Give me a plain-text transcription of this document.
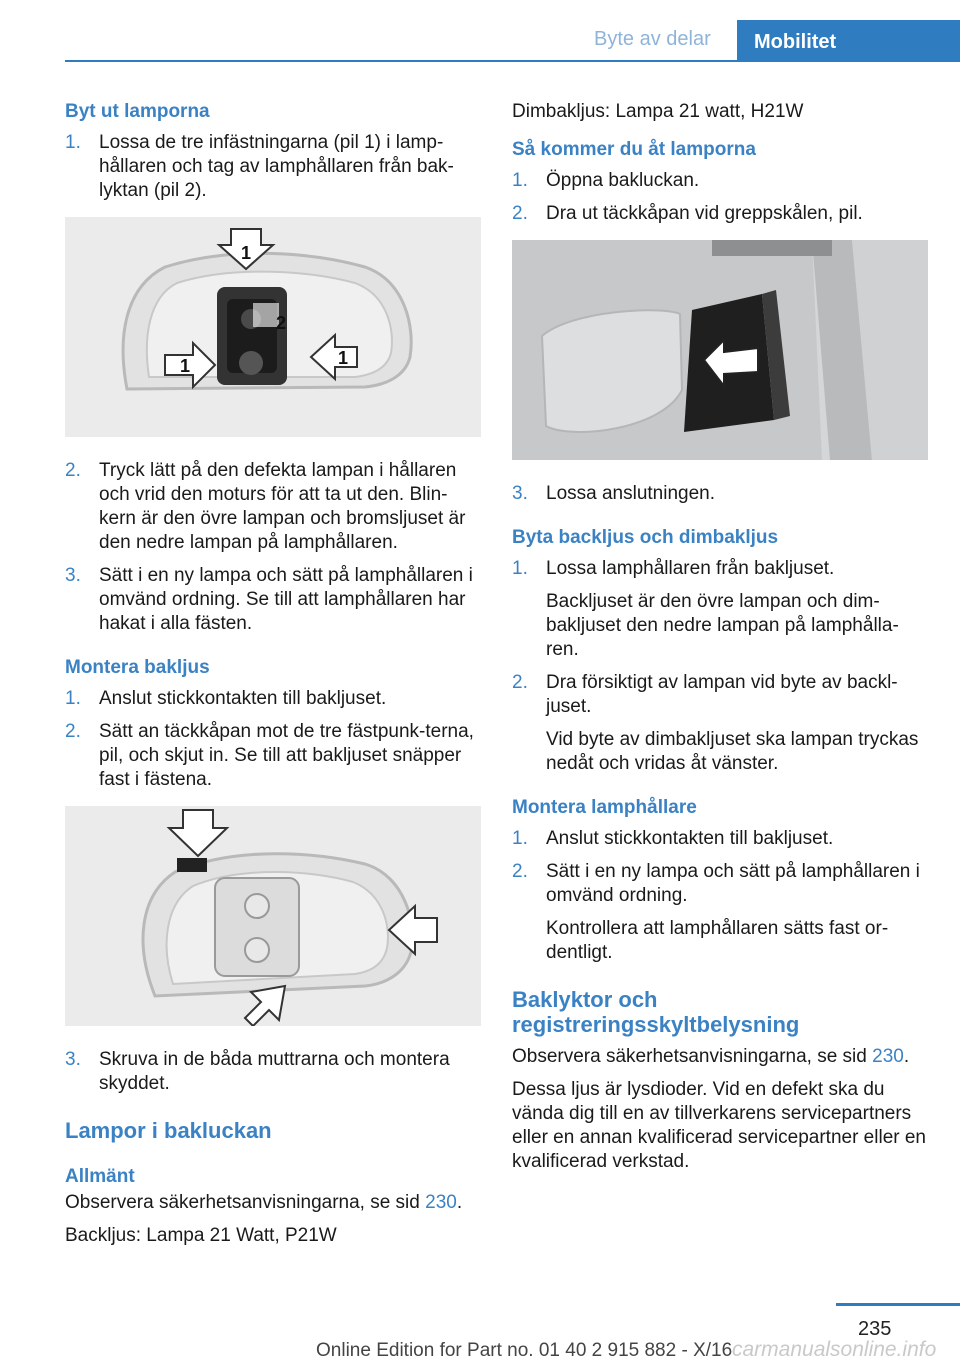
Byte av delar	Mobilitet
Byt ut lamporna
1. Lossa de tre infästningarna (pil 1) i lamp-hållaren och tag av lamphållaren från bak-lyktan (pil 2).
1
1	1
2
2. Tryck lätt på den defekta lampan i hållaren och vrid den moturs för att ta ut den. Blin-kern är den övre lampan och bromsljuset är den nedre lampan på lamphållaren.
3. Sätt i en ny lampa och sätt på lamphållaren i omvänd ordning. Se till att lamphållaren har hakat i alla fästen.
Montera bakljus
1. Anslut stickkontakten till bakljuset.
2. Sätt an täckkåpan mot de tre fästpunk-terna, pil, och skjut in. Se till att bakljuset snäpper fast i fästena.
3. Skruva in de båda muttrarna och montera skyddet.
Lampor i bakluckan
Allmänt

Observera säkerhetsanvisningarna, se sid 230.

Backljus: Lampa 21 Watt, P21W

Dimbakljus: Lampa 21 watt, H21W

Så kommer du åt lamporna
1. Öppna bakluckan.
2. Dra ut täckkåpan vid greppskålen, pil.
3. Lossa anslutningen.
Byta backljus och dimbakljus
1. Lossa lamphållaren från bakljuset.

Backljuset är den övre lampan och dim-bakljuset den nedre lampan på lamphålla-ren.

2. Dra försiktigt av lampan vid byte av backl-juset.

Vid byte av dimbakljuset ska lampan tryckas nedåt och vridas åt vänster.

Montera lamphållare
1. Anslut stickkontakten till bakljuset.
2. Sätt i en ny lampa och sätt på lamphållaren i omvänd ordning.

Kontrollera att lamphållaren sätts fast or-dentligt.

Baklyktor och registreringsskyltbelysning

Observera säkerhetsanvisningarna, se sid 230.

Dessa ljus är lysdioder. Vid en defekt ska du vända dig till en av tillverkarens servicepartners eller en annan kvalificerad servicepartner eller en kvalificerad verkstad.

235
Online Edition for Part no. 01 40 2 915 882 - X/16 carmanualsonline.info
